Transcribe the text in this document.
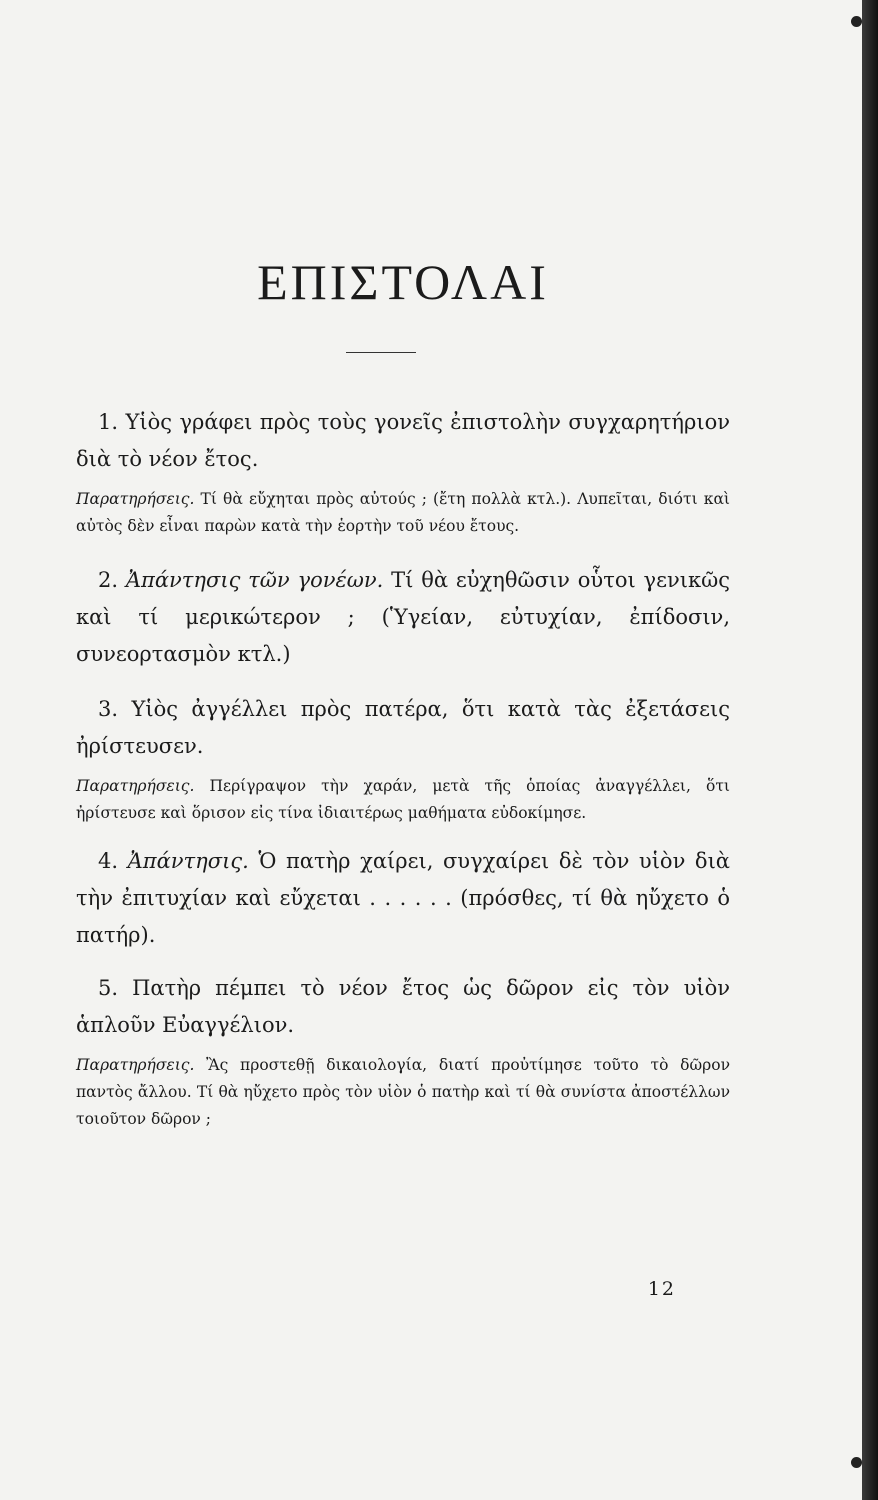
ΕΠΙΣΤΟΛΑΙ

1. Υἱὸς γράφει πρὸς τοὺς γονεῖς ἐπιστολὴν συγχαρητήριον διὰ τὸ νέον ἔτος.

Παρατηρήσεις. Τί θὰ εὔχηται πρὸς αὐτούς ; (ἔτη πολλὰ κτλ.). Λυπεῖται, διότι καὶ αὐτὸς δὲν εἶναι παρὼν κατὰ τὴν ἑορτὴν τοῦ νέου ἔτους.

2. Ἀπάντησις τῶν γονέων. Τί θὰ εὐχηθῶσιν οὗτοι γενικῶς καὶ τί μερικώτερον ; (Ὑγείαν, εὐτυχίαν, ἐπίδοσιν, συνεορτασμὸν κτλ.)

3. Υἱὸς ἀγγέλλει πρὸς πατέρα, ὅτι κατὰ τὰς ἐξετάσεις ἠρίστευσεν.

Παρατηρήσεις. Περίγραψον τὴν χαράν, μετὰ τῆς ὁποίας ἀναγγέλλει, ὅτι ἠρίστευσε καὶ ὅρισον εἰς τίνα ἰδιαιτέρως μαθήματα εὐδοκίμησε.

4. Ἀπάντησις. Ὁ πατὴρ χαίρει, συγχαίρει δὲ τὸν υἱὸν διὰ τὴν ἐπιτυχίαν καὶ εὔχεται . . . . . . (πρόσθες, τί θὰ ηὔχετο ὁ πατήρ).

5. Πατὴρ πέμπει τὸ νέον ἔτος ὡς δῶρον εἰς τὸν υἱὸν ἁπλοῦν Εὐαγγέλιον.

Παρατηρήσεις. Ἂς προστεθῇ δικαιολογία, διατί προὐτίμησε τοῦτο τὸ δῶρον παντὸς ἄλλου. Τί θὰ ηὔχετο πρὸς τὸν υἱὸν ὁ πατὴρ καὶ τί θὰ συνίστα ἀποστέλλων τοιοῦτον δῶρον ;

12
